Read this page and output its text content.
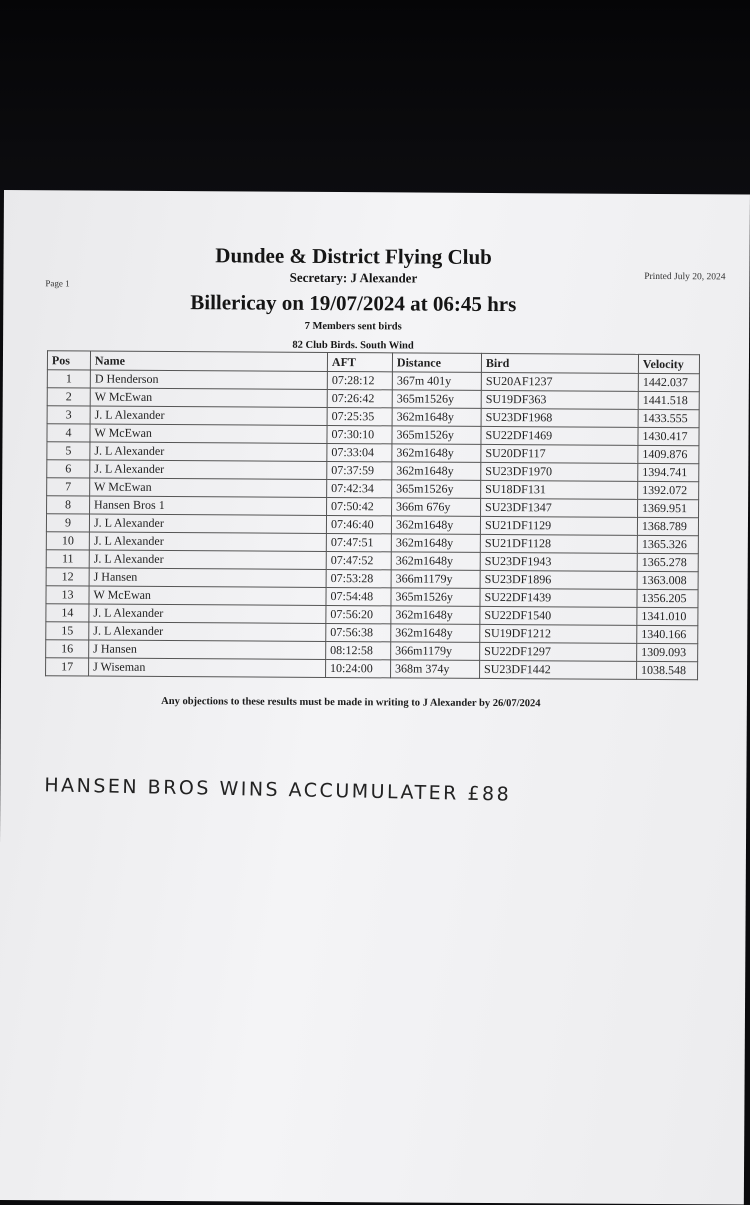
Page 1
Printed July 20, 2024
Dundee & District Flying Club
Secretary: J Alexander
Billericay on 19/07/2024 at 06:45 hrs
7 Members sent birds
82 Club Birds. South Wind
Pos	Name	AFT	Distance	Bird	Velocity
1	D Henderson	07:28:12	367m 401y	SU20AF1237	1442.037
2	W McEwan	07:26:42	365m1526y	SU19DF363	1441.518
3	J. L Alexander	07:25:35	362m1648y	SU23DF1968	1433.555
4	W McEwan	07:30:10	365m1526y	SU22DF1469	1430.417
5	J. L Alexander	07:33:04	362m1648y	SU20DF117	1409.876
6	J. L Alexander	07:37:59	362m1648y	SU23DF1970	1394.741
7	W McEwan	07:42:34	365m1526y	SU18DF131	1392.072
8	Hansen Bros 1	07:50:42	366m 676y	SU23DF1347	1369.951
9	J. L Alexander	07:46:40	362m1648y	SU21DF1129	1368.789
10	J. L Alexander	07:47:51	362m1648y	SU21DF1128	1365.326
11	J. L Alexander	07:47:52	362m1648y	SU23DF1943	1365.278
12	J Hansen	07:53:28	366m1179y	SU23DF1896	1363.008
13	W McEwan	07:54:48	365m1526y	SU22DF1439	1356.205
14	J. L Alexander	07:56:20	362m1648y	SU22DF1540	1341.010
15	J. L Alexander	07:56:38	362m1648y	SU19DF1212	1340.166
16	J Hansen	08:12:58	366m1179y	SU22DF1297	1309.093
17	J Wiseman	10:24:00	368m 374y	SU23DF1442	1038.548
Any objections to these results must be made in writing to J Alexander by 26/07/2024
HANSEN BROS WINS ACCUMULATER £88
